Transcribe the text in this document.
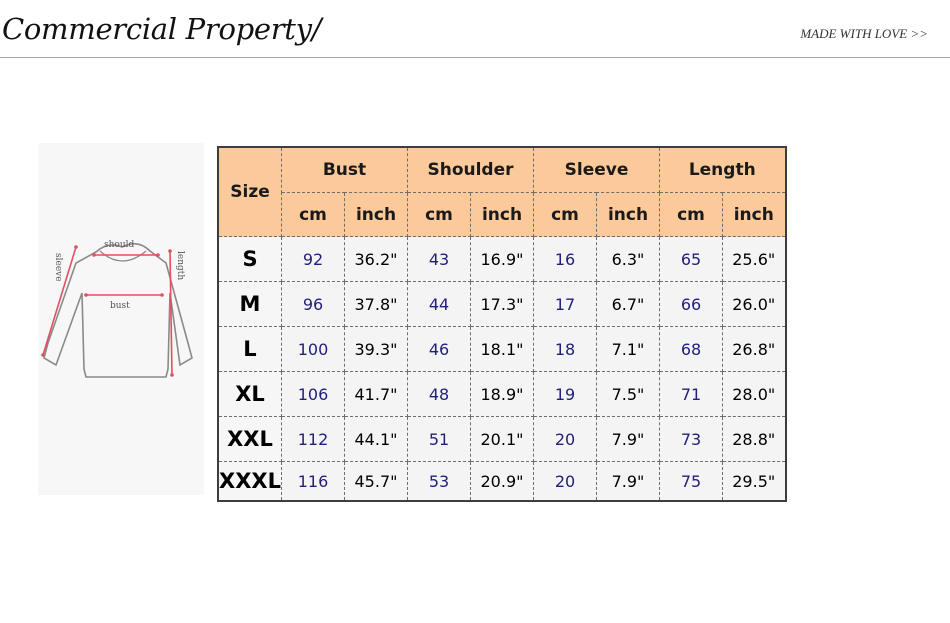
Commercial Property/	MADE WITH LOVE >>
should
bust
sleeve	length
Size	Bust		Shoulder		Sleeve		Length	
	cm	inch	cm	inch	cm	inch	cm	inch
S	92	36.2"	43	16.9"	16	6.3"	65	25.6"
M	96	37.8"	44	17.3"	17	6.7"	66	26.0"
L	100	39.3"	46	18.1"	18	7.1"	68	26.8"
XL	106	41.7"	48	18.9"	19	7.5"	71	28.0"
XXL	112	44.1"	51	20.1"	20	7.9"	73	28.8"
XXXL	116	45.7"	53	20.9"	20	7.9"	75	29.5"
